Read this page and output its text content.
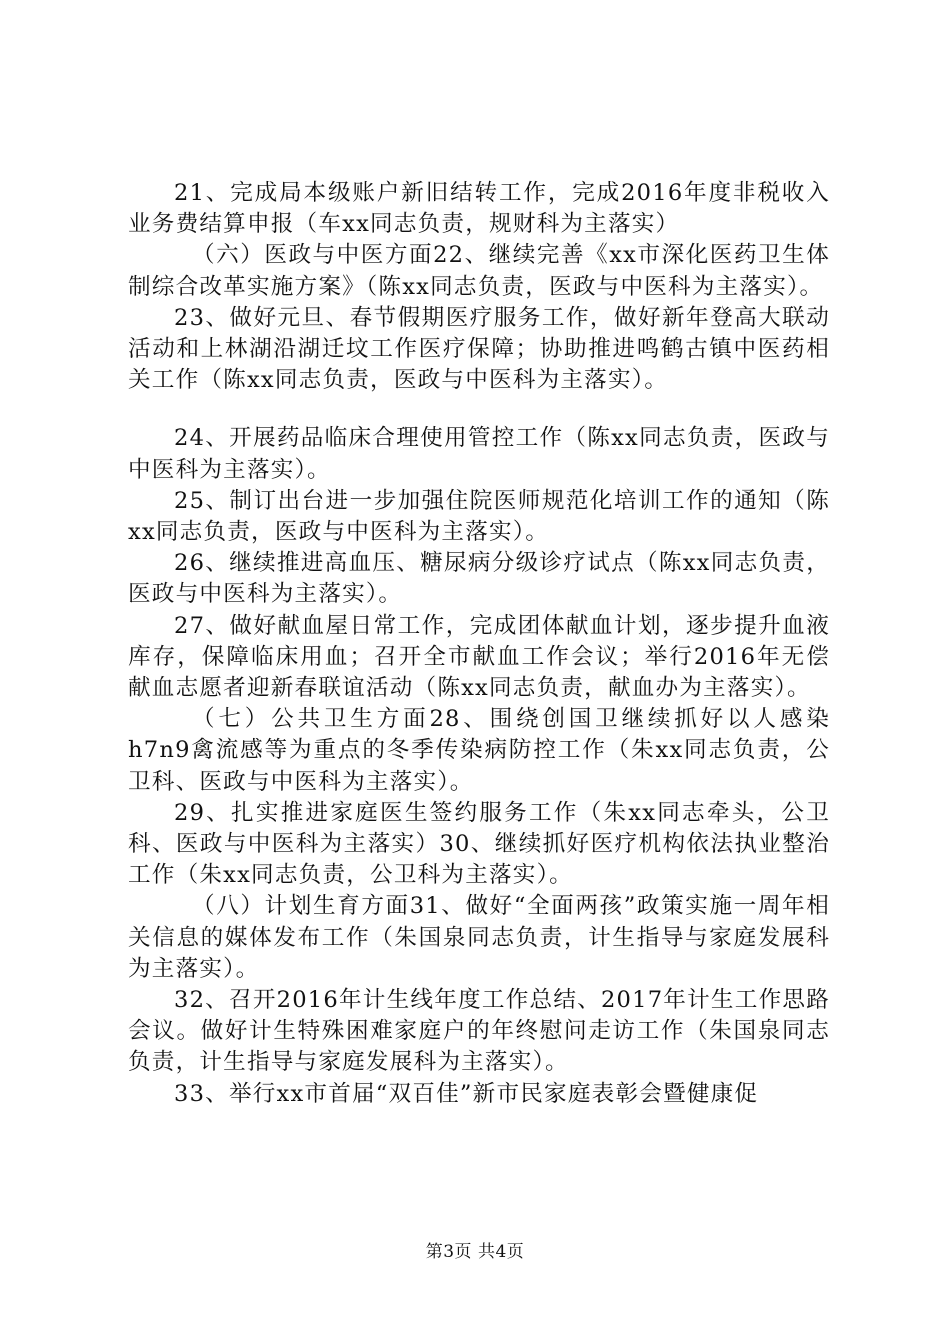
21、完成局本级账户新旧结转工作，完成2016年度非税收入业务费结算申报（车xx同志负责，规财科为主落实）

（六）医政与中医方面22、继续完善《xx市深化医药卫生体制综合改革实施方案》（陈xx同志负责，医政与中医科为主落实）。

23、做好元旦、春节假期医疗服务工作，做好新年登高大联动活动和上林湖沿湖迁坟工作医疗保障；协助推进鸣鹤古镇中医药相关工作（陈xx同志负责，医政与中医科为主落实）。

24、开展药品临床合理使用管控工作（陈xx同志负责，医政与中医科为主落实）。

25、制订出台进一步加强住院医师规范化培训工作的通知（陈xx同志负责，医政与中医科为主落实）。

26、继续推进高血压、糖尿病分级诊疗试点（陈xx同志负责，医政与中医科为主落实）。

27、做好献血屋日常工作，完成团体献血计划，逐步提升血液库存，保障临床用血；召开全市献血工作会议；举行2016年无偿献血志愿者迎新春联谊活动（陈xx同志负责，献血办为主落实）。

（七）公共卫生方面28、围绕创国卫继续抓好以人感染h7n9禽流感等为重点的冬季传染病防控工作（朱xx同志负责，公卫科、医政与中医科为主落实）。

29、扎实推进家庭医生签约服务工作（朱xx同志牵头，公卫科、医政与中医科为主落实）30、继续抓好医疗机构依法执业整治工作（朱xx同志负责，公卫科为主落实）。

（八）计划生育方面31、做好“全面两孩”政策实施一周年相关信息的媒体发布工作（朱国泉同志负责，计生指导与家庭发展科为主落实）。

32、召开2016年计生线年度工作总结、2017年计生工作思路会议。做好计生特殊困难家庭户的年终慰问走访工作（朱国泉同志负责，计生指导与家庭发展科为主落实）。

33、举行xx市首届“双百佳”新市民家庭表彰会暨健康促

第3页 共4页
